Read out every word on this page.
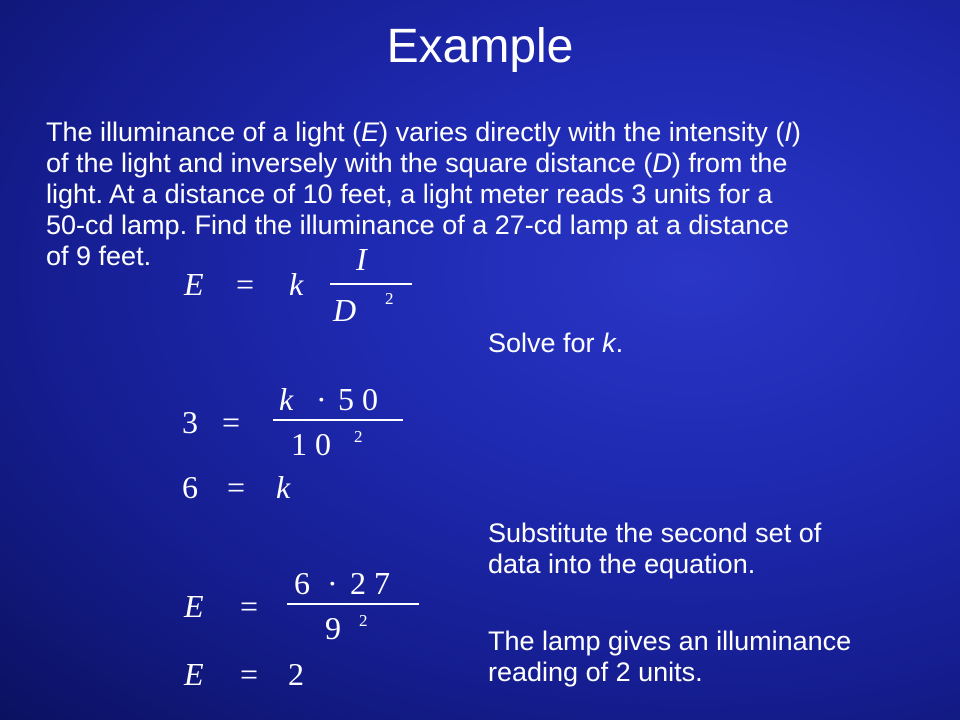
Example

The illuminance of a light (E) varies directly with the intensity (I)
of the light and inversely with the square distance (D) from the
light. At a distance of 10 feet, a light meter reads 3 units for a
50-cd lamp. Find the illuminance of a 27-cd lamp at a distance
of 9 feet.

Solve for k.
Substitute the second set of
data into the equation.
The lamp gives an illuminance
reading of 2 units.
E = k
I
D 2
3 =
k · 5 0
1 0 2
6 = k
E =
6 · 2 7
9 2
E = 2
